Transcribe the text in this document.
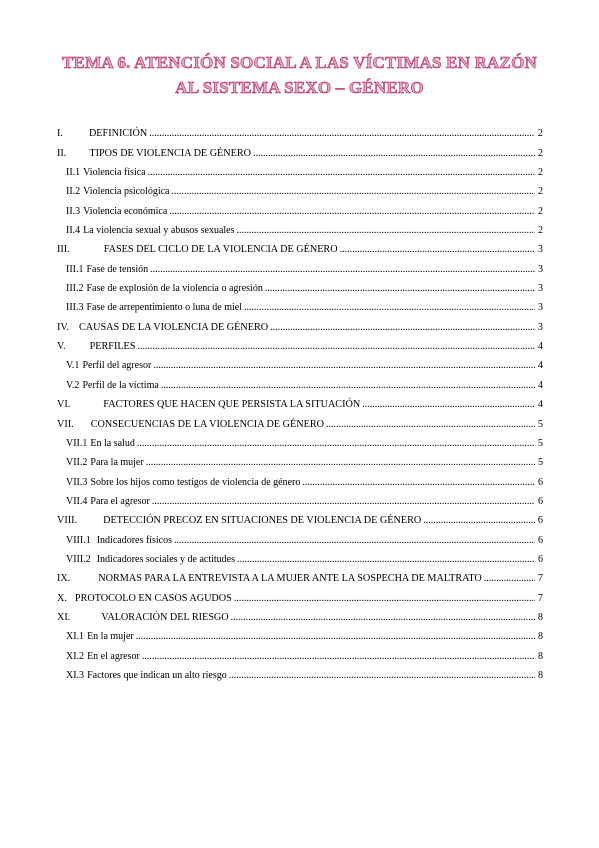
TEMA 6. ATENCIÓN SOCIAL A LAS VÍCTIMAS EN RAZÓN
AL SISTEMA SEXO – GÉNERO
I.	DEFINICIÓN .....	2
II. TIPOS DE VIOLENCIA DE GÉNERO .....	2
II.1 Violencia física .....	2
II.2 Violencia psicológica .....	2
II.3 Violencia económica .....	2
II.4 La violencia sexual y abusos sexuales .....	2
III.	FASES DEL CICLO DE LA VIOLENCIA DE GÉNERO .....	3
III.1 Fase de tensión .....	3
III.2 Fase de explosión de la violencia o agresión .....	3
III.3 Fase de arrepentimiento o luna de miel .....	3
IV. CAUSAS DE LA VIOLENCIA DE GÉNERO .....	3
V. PERFILES .....	4
V.1 Perfil del agresor .....	4
V.2 Perfil de la víctima .....	4
VI.	FACTORES QUE HACEN QUE PERSISTA LA SITUACIÓN .....	4
VII. CONSECUENCIAS DE LA VIOLENCIA DE GÉNERO .....	5
VII.1 En la salud .....	5
VII.2 Para la mujer .....	5
VII.3 Sobre los hijos como testigos de violencia de género .....	6
VII.4 Para el agresor .....	6
VIII.	DETECCIÓN PRECOZ EN SITUACIONES DE VIOLENCIA DE GÉNERO .....	6
VIII.1 Indicadores físicos .....	6
VIII.2 Indicadores sociales y de actitudes .....	6
IX.	NORMAS PARA LA ENTREVISTA A LA MUJER ANTE LA SOSPECHA DE MALTRATO .....	7
X. PROTOCOLO EN CASOS AGUDOS .....	7
XI.	VALORACIÓN DEL RIESGO .....	8
XI.1 En la mujer .....	8
XI.2 En el agresor .....	8
XI.3 Factores que indican un alto riesgo .....	8
